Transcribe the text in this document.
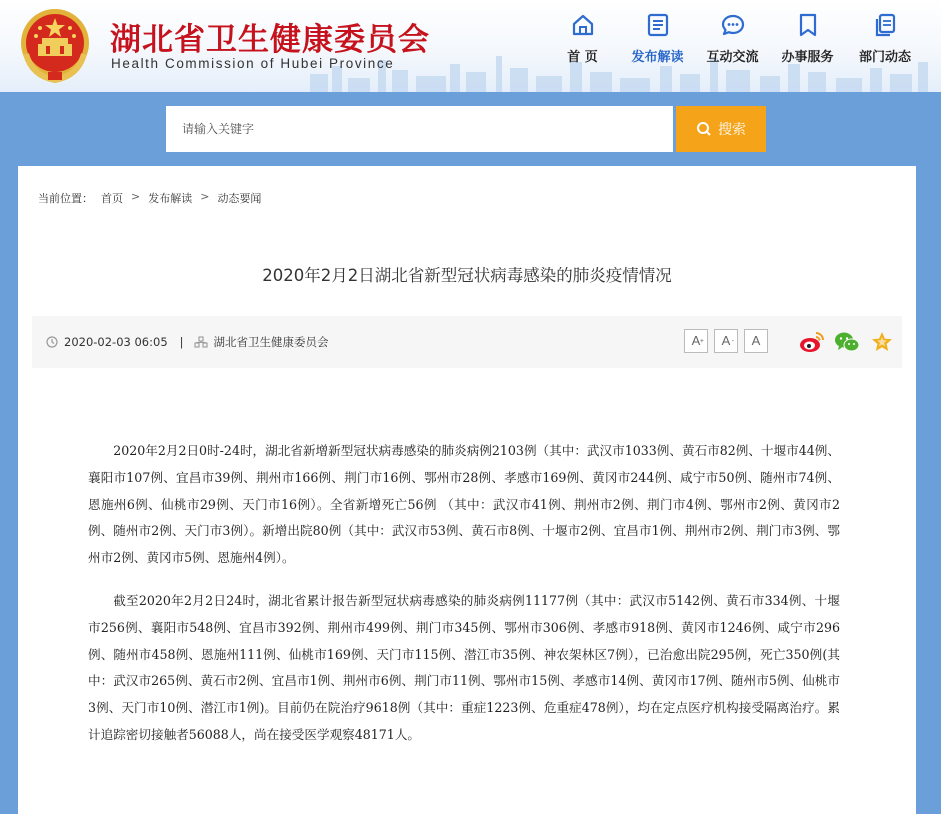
湖北省卫生健康委员会
Health Commission of Hubei Province	首 页	发布解读	互动交流	办事服务	部门动态
请输入关键字
搜索
当前位置： 首页 > 发布解读 > 动态要闻
2020年2月2日湖北省新型冠状病毒感染的肺炎疫情情况
2020-02-03 06:05 |	湖北省卫生健康委员会	A +	A -	A

2020年2月2日0时-24时，湖北省新增新型冠状病毒感染的肺炎病例2103例（其中：武汉市1033例、黄石市82例、十堰市44例、襄阳市107例、宜昌市39例、荆州市166例、荆门市16例、鄂州市28例、孝感市169例、黄冈市244例、咸宁市50例、随州市74例、恩施州6例、仙桃市29例、天门市16例）。全省新增死亡56例 （其中：武汉市41例、荆州市2例、荆门市4例、鄂州市2例、黄冈市2例、随州市2例、天门市3例）。新增出院80例（其中：武汉市53例、黄石市8例、十堰市2例、宜昌市1例、荆州市2例、荆门市3例、鄂州市2例、黄冈市5例、恩施州4例）。

截至2020年2月2日24时，湖北省累计报告新型冠状病毒感染的肺炎病例11177例（其中：武汉市5142例、黄石市334例、十堰市256例、襄阳市548例、宜昌市392例、荆州市499例、荆门市345例、鄂州市306例、孝感市918例、黄冈市1246例、咸宁市296例、随州市458例、恩施州111例、仙桃市169例、天门市115例、潜江市35例、神农架林区7例），已治愈出院295例，死亡350例(其中：武汉市265例、黄石市2例、宜昌市1例、荆州市6例、荆门市11例、鄂州市15例、孝感市14例、黄冈市17例、随州市5例、仙桃市3例、天门市10例、潜江市1例)。目前仍在院治疗9618例（其中：重症1223例、危重症478例），均在定点医疗机构接受隔离治疗。累计追踪密切接触者56088人，尚在接受医学观察48171人。
